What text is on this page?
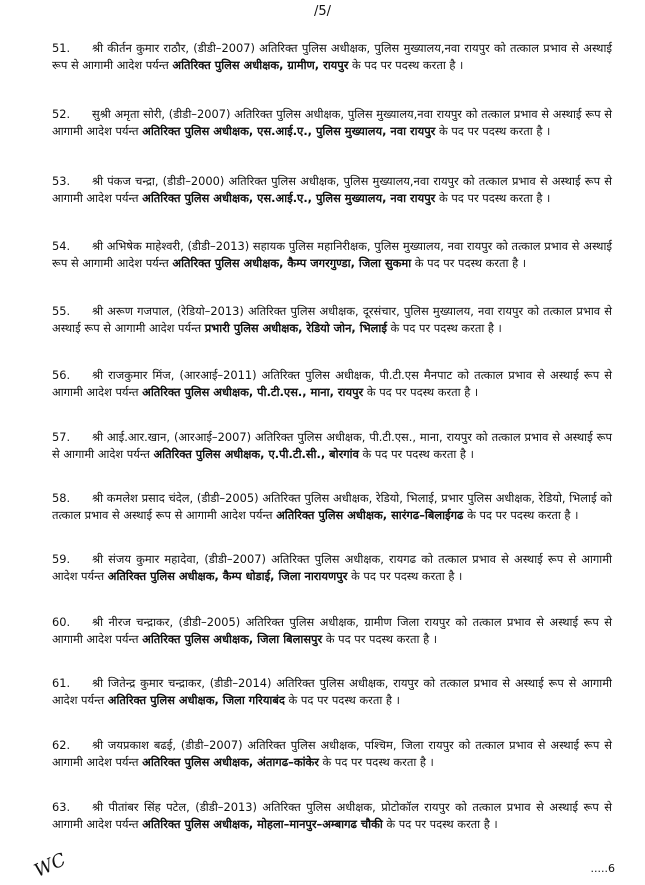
/5/
51. श्री कीर्तन कुमार राठौर, (डीडी–2007) अतिरिक्त पुलिस अधीक्षक, पुलिस मुख्यालय,नवा रायपुर को तत्काल प्रभाव से अस्थाई रूप से आगामी आदेश पर्यन्त अतिरिक्त पुलिस अधीक्षक, ग्रामीण, रायपुर के पद पर पदस्थ करता है ।
52. सुश्री अमृता सोरी, (डीडी–2007) अतिरिक्त पुलिस अधीक्षक, पुलिस मुख्यालय,नवा रायपुर को तत्काल प्रभाव से अस्थाई रूप से आगामी आदेश पर्यन्त अतिरिक्त पुलिस अधीक्षक, एस.आई.ए., पुलिस मुख्यालय, नवा रायपुर के पद पर पदस्थ करता है ।
53. श्री पंकज चन्द्रा, (डीडी–2000) अतिरिक्त पुलिस अधीक्षक, पुलिस मुख्यालय,नवा रायपुर को तत्काल प्रभाव से अस्थाई रूप से आगामी आदेश पर्यन्त अतिरिक्त पुलिस अधीक्षक, एस.आई.ए., पुलिस मुख्यालय, नवा रायपुर के पद पर पदस्थ करता है ।
54. श्री अभिषेक माहेश्वरी, (डीडी–2013) सहायक पुलिस महानिरीक्षक, पुलिस मुख्यालय, नवा रायपुर को तत्काल प्रभाव से अस्थाई रूप से आगामी आदेश पर्यन्त अतिरिक्त पुलिस अधीक्षक, कैम्प जगरगुण्डा, जिला सुकमा के पद पर पदस्थ करता है ।
55. श्री अरूण गजपाल, (रेडियो–2013) अतिरिक्त पुलिस अधीक्षक, दूरसंचार, पुलिस मुख्यालय, नवा रायपुर को तत्काल प्रभाव से अस्थाई रूप से आगामी आदेश पर्यन्त प्रभारी पुलिस अधीक्षक, रेडियो जोन, भिलाई के पद पर पदस्थ करता है ।
56. श्री राजकुमार मिंज, (आरआई–2011) अतिरिक्त पुलिस अधीक्षक, पी.टी.एस मैनपाट को तत्काल प्रभाव से अस्थाई रूप से आगामी आदेश पर्यन्त अतिरिक्त पुलिस अधीक्षक, पी.टी.एस., माना, रायपुर के पद पर पदस्थ करता है ।
57. श्री आई.आर.खान, (आरआई–2007) अतिरिक्त पुलिस अधीक्षक, पी.टी.एस., माना, रायपुर को तत्काल प्रभाव से अस्थाई रूप से आगामी आदेश पर्यन्त अतिरिक्त पुलिस अधीक्षक, ए.पी.टी.सी., बोरगांव के पद पर पदस्थ करता है ।
58. श्री कमलेश प्रसाद चंदेल, (डीडी–2005) अतिरिक्त पुलिस अधीक्षक, रेडियो, भिलाई, प्रभार पुलिस अधीक्षक, रेडियो, भिलाई को तत्काल प्रभाव से अस्थाई रूप से आगामी आदेश पर्यन्त अतिरिक्त पुलिस अधीक्षक, सारंगढ–बिलाईगढ के पद पर पदस्थ करता है ।
59. श्री संजय कुमार महादेवा, (डीडी–2007) अतिरिक्त पुलिस अधीक्षक, रायगढ को तत्काल प्रभाव से अस्थाई रूप से आगामी आदेश पर्यन्त अतिरिक्त पुलिस अधीक्षक, कैम्प धोडाई, जिला नारायणपुर के पद पर पदस्थ करता है ।
60. श्री नीरज चन्द्राकर, (डीडी–2005) अतिरिक्त पुलिस अधीक्षक, ग्रामीण जिला रायपुर को तत्काल प्रभाव से अस्थाई रूप से आगामी आदेश पर्यन्त अतिरिक्त पुलिस अधीक्षक, जिला बिलासपुर के पद पर पदस्थ करता है ।
61. श्री जितेन्द्र कुमार चन्द्राकर, (डीडी–2014) अतिरिक्त पुलिस अधीक्षक, रायपुर को तत्काल प्रभाव से अस्थाई रूप से आगामी आदेश पर्यन्त अतिरिक्त पुलिस अधीक्षक, जिला गरियाबंद के पद पर पदस्थ करता है ।
62. श्री जयप्रकाश बढई, (डीडी–2007) अतिरिक्त पुलिस अधीक्षक, पश्चिम, जिला रायपुर को तत्काल प्रभाव से अस्थाई रूप से आगामी आदेश पर्यन्त अतिरिक्त पुलिस अधीक्षक, अंतागढ–कांकेर के पद पर पदस्थ करता है ।
63. श्री पीतांबर सिंह पटेल, (डीडी–2013) अतिरिक्त पुलिस अधीक्षक, प्रोटोकॉल रायपुर को तत्काल प्रभाव से अस्थाई रूप से आगामी आदेश पर्यन्त अतिरिक्त पुलिस अधीक्षक, मोहला–मानपुर–अम्बागढ चौकी के पद पर पदस्थ करता है ।
WC	.....6
